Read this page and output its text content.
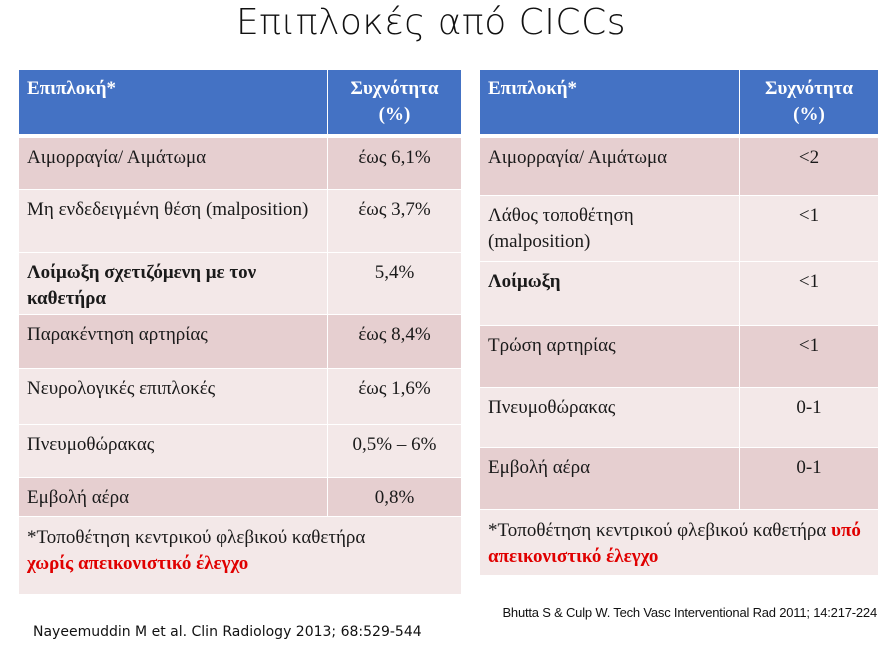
Επιπλοκές από CICCs
Επιπλοκή*	Συχνότητα (%)
Αιμορραγία/ Αιμάτωμα	έως 6,1%
Μη ενδεδειγμένη θέση (malposition)	έως 3,7%
Λοίμωξη σχετιζόμενη με τον καθετήρα	5,4%
Παρακέντηση αρτηρίας	έως 8,4%
Νευρολογικές επιπλοκές	έως 1,6%
Πνευμοθώρακας	0,5% – 6%
Εμβολή αέρα	0,8%
*Τοποθέτηση κεντρικού φλεβικού καθετήρα
χωρίς απεικονιστικό έλεγχο	
Επιπλοκή*	Συχνότητα (%)
Αιμορραγία/ Αιμάτωμα	<2
Λάθος τοποθέτηση (malposition)	<1
Λοίμωξη	<1
Τρώση αρτηρίας	<1
Πνευμοθώρακας	0-1
Εμβολή αέρα	0-1
*Τοποθέτηση κεντρικού φλεβικού καθετήρα υπό απεικονιστικό έλεγχο	
Bhutta S & Culp W. Tech Vasc Interventional Rad 2011; 14:217-224
Nayeemuddin M et al. Clin Radiology 2013; 68:529-544
